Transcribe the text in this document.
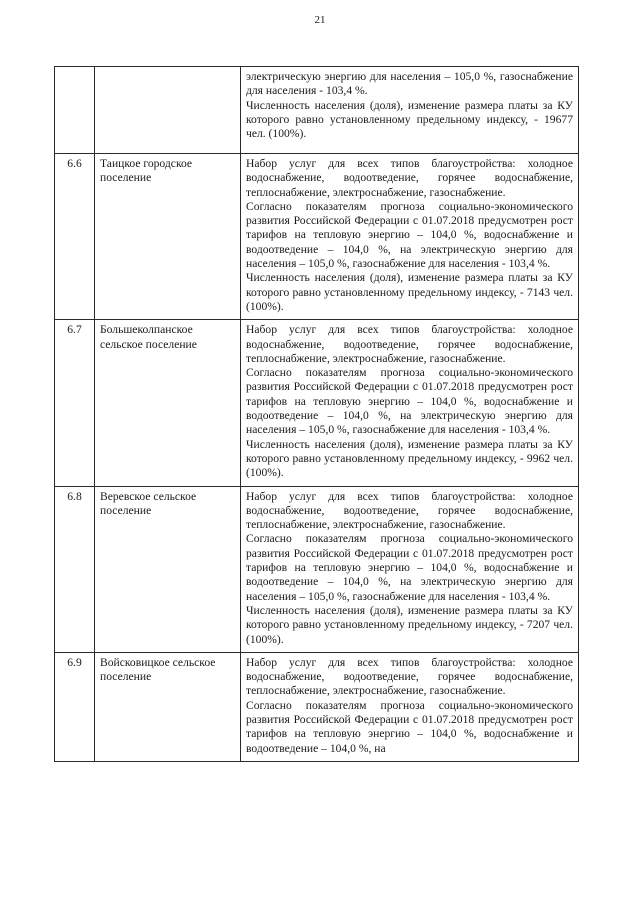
21

		электрическую энергию для населения – 105,0 %, газоснабжение для населения - 103,4 %.
Численность населения (доля), изменение размера платы за КУ которого равно установленному предельному индексу, - 19677 чел. (100%).

6.6	Таицкое городское поселение	Набор услуг для всех типов благоустройства: холодное водоснабжение, водоотведение, горячее водоснабжение, теплоснабжение, электроснабжение, газоснабжение.
Согласно показателям прогноза социально-экономического развития Российской Федерации с 01.07.2018 предусмотрен рост тарифов на тепловую энергию – 104,0 %, водоснабжение и водоотведение – 104,0 %, на электрическую энергию для населения – 105,0 %, газоснабжение для населения - 103,4 %.
Численность населения (доля), изменение размера платы за КУ которого равно установленному предельному индексу, - 7143 чел. (100%).

6.7	Большеколпанское сельское поселение	Набор услуг для всех типов благоустройства: холодное водоснабжение, водоотведение, горячее водоснабжение, теплоснабжение, электроснабжение, газоснабжение.
Согласно показателям прогноза социально-экономического развития Российской Федерации с 01.07.2018 предусмотрен рост тарифов на тепловую энергию – 104,0 %, водоснабжение и водоотведение – 104,0 %, на электрическую энергию для населения – 105,0 %, газоснабжение для населения - 103,4 %.
Численность населения (доля), изменение размера платы за КУ которого равно установленному предельному индексу, - 9962 чел. (100%).

6.8	Веревское сельское поселение	Набор услуг для всех типов благоустройства: холодное водоснабжение, водоотведение, горячее водоснабжение, теплоснабжение, электроснабжение, газоснабжение.
Согласно показателям прогноза социально-экономического развития Российской Федерации с 01.07.2018 предусмотрен рост тарифов на тепловую энергию – 104,0 %, водоснабжение и водоотведение – 104,0 %, на электрическую энергию для населения – 105,0 %, газоснабжение для населения - 103,4 %.
Численность населения (доля), изменение размера платы за КУ которого равно установленному предельному индексу, - 7207 чел. (100%).

6.9	Войсковицкое сельское поселение	Набор услуг для всех типов благоустройства: холодное водоснабжение, водоотведение, горячее водоснабжение, теплоснабжение, электроснабжение, газоснабжение.
Согласно показателям прогноза социально-экономического развития Российской Федерации с 01.07.2018 предусмотрен рост тарифов на тепловую энергию – 104,0 %, водоснабжение и водоотведение – 104,0 %, на
